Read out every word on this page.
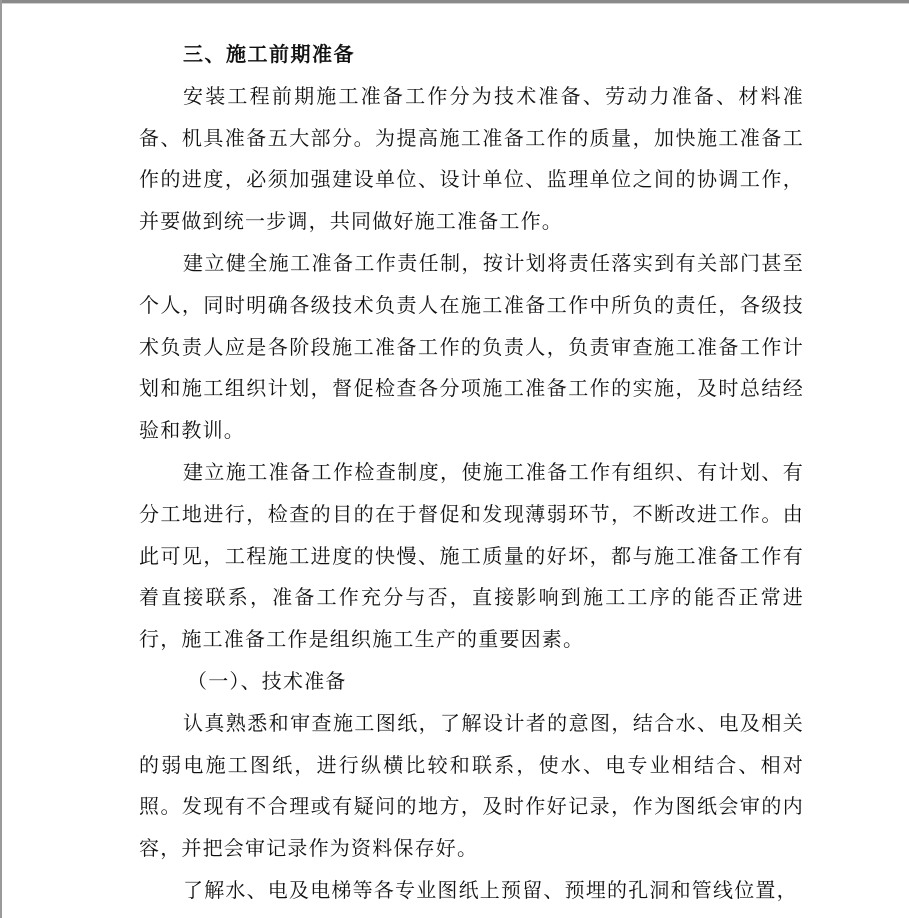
三、施工前期准备

安装工程前期施工准备工作分为技术准备、劳动力准备、材料准备、机具准备五大部分。为提高施工准备工作的质量，加快施工准备工作的进度，必须加强建设单位、设计单位、监理单位之间的协调工作，并要做到统一步调，共同做好施工准备工作。

建立健全施工准备工作责任制，按计划将责任落实到有关部门甚至个人，同时明确各级技术负责人在施工准备工作中所负的责任，各级技术负责人应是各阶段施工准备工作的负责人，负责审查施工准备工作计划和施工组织计划，督促检查各分项施工准备工作的实施，及时总结经验和教训。

建立施工准备工作检查制度，使施工准备工作有组织、有计划、有分工地进行，检查的目的在于督促和发现薄弱环节，不断改进工作。由此可见，工程施工进度的快慢、施工质量的好坏，都与施工准备工作有着直接联系，准备工作充分与否，直接影响到施工工序的能否正常进行，施工准备工作是组织施工生产的重要因素。

（一）、技术准备

认真熟悉和审查施工图纸，了解设计者的意图，结合水、电及相关的弱电施工图纸，进行纵横比较和联系，使水、电专业相结合、相对照。发现有不合理或有疑问的地方，及时作好记录，作为图纸会审的内容，并把会审记录作为资料保存好。

了解水、电及电梯等各专业图纸上预留、预埋的孔洞和管线位置，
